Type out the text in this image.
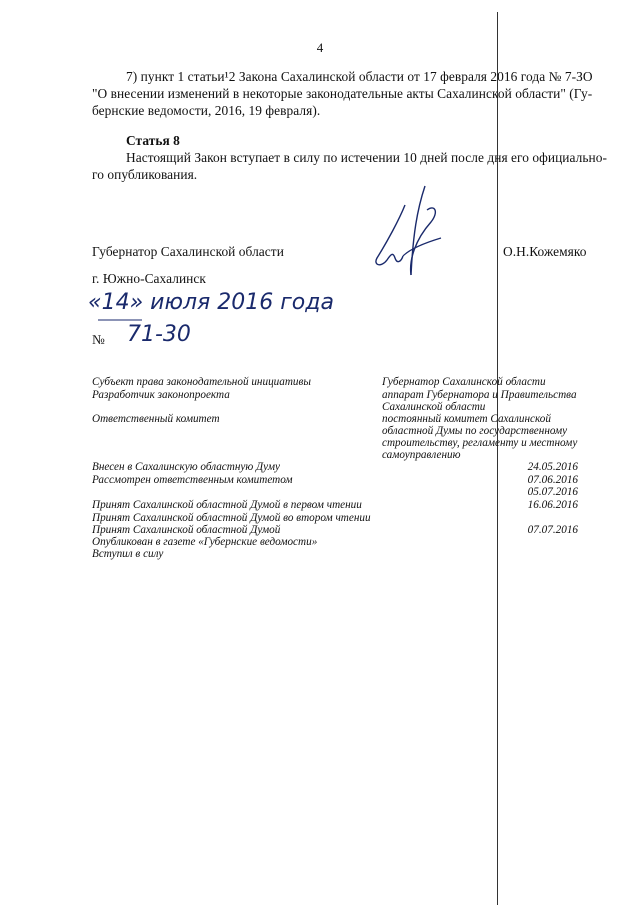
4
7) пункт 1 статьи¹2 Закона Сахалинской области от 17 февраля 2016 года № 7-ЗО
"О внесении изменений в некоторые законодательные акты Сахалинской области" (Гу-
бернские ведомости, 2016, 19 февраля).
Статья 8
Настоящий Закон вступает в силу по истечении 10 дней после дня его официально-
го опубликования.
Губернатор Сахалинской области	О.Н.Кожемяко
г. Южно-Сахалинск
«14» июля 2016 года
№ 71-30
Субъект права законодательной инициативы
Разработчик законопроекта
Ответственный комитет
Внесен в Сахалинскую областную Думу
Рассмотрен ответственным комитетом
Принят Сахалинской областной Думой в первом чтении
Принят Сахалинской областной Думой во втором чтении
Принят Сахалинской областной Думой
Опубликован в газете «Губернские ведомости»
Вступил в силу
Губернатор Сахалинской области
аппарат Губернатора и Правительства
Сахалинской области
постоянный комитет Сахалинской
областной Думы по государственному
строительству, регламенту и местному
самоуправлению
24.05.2016
07.06.2016
05.07.2016
16.06.2016
07.07.2016
